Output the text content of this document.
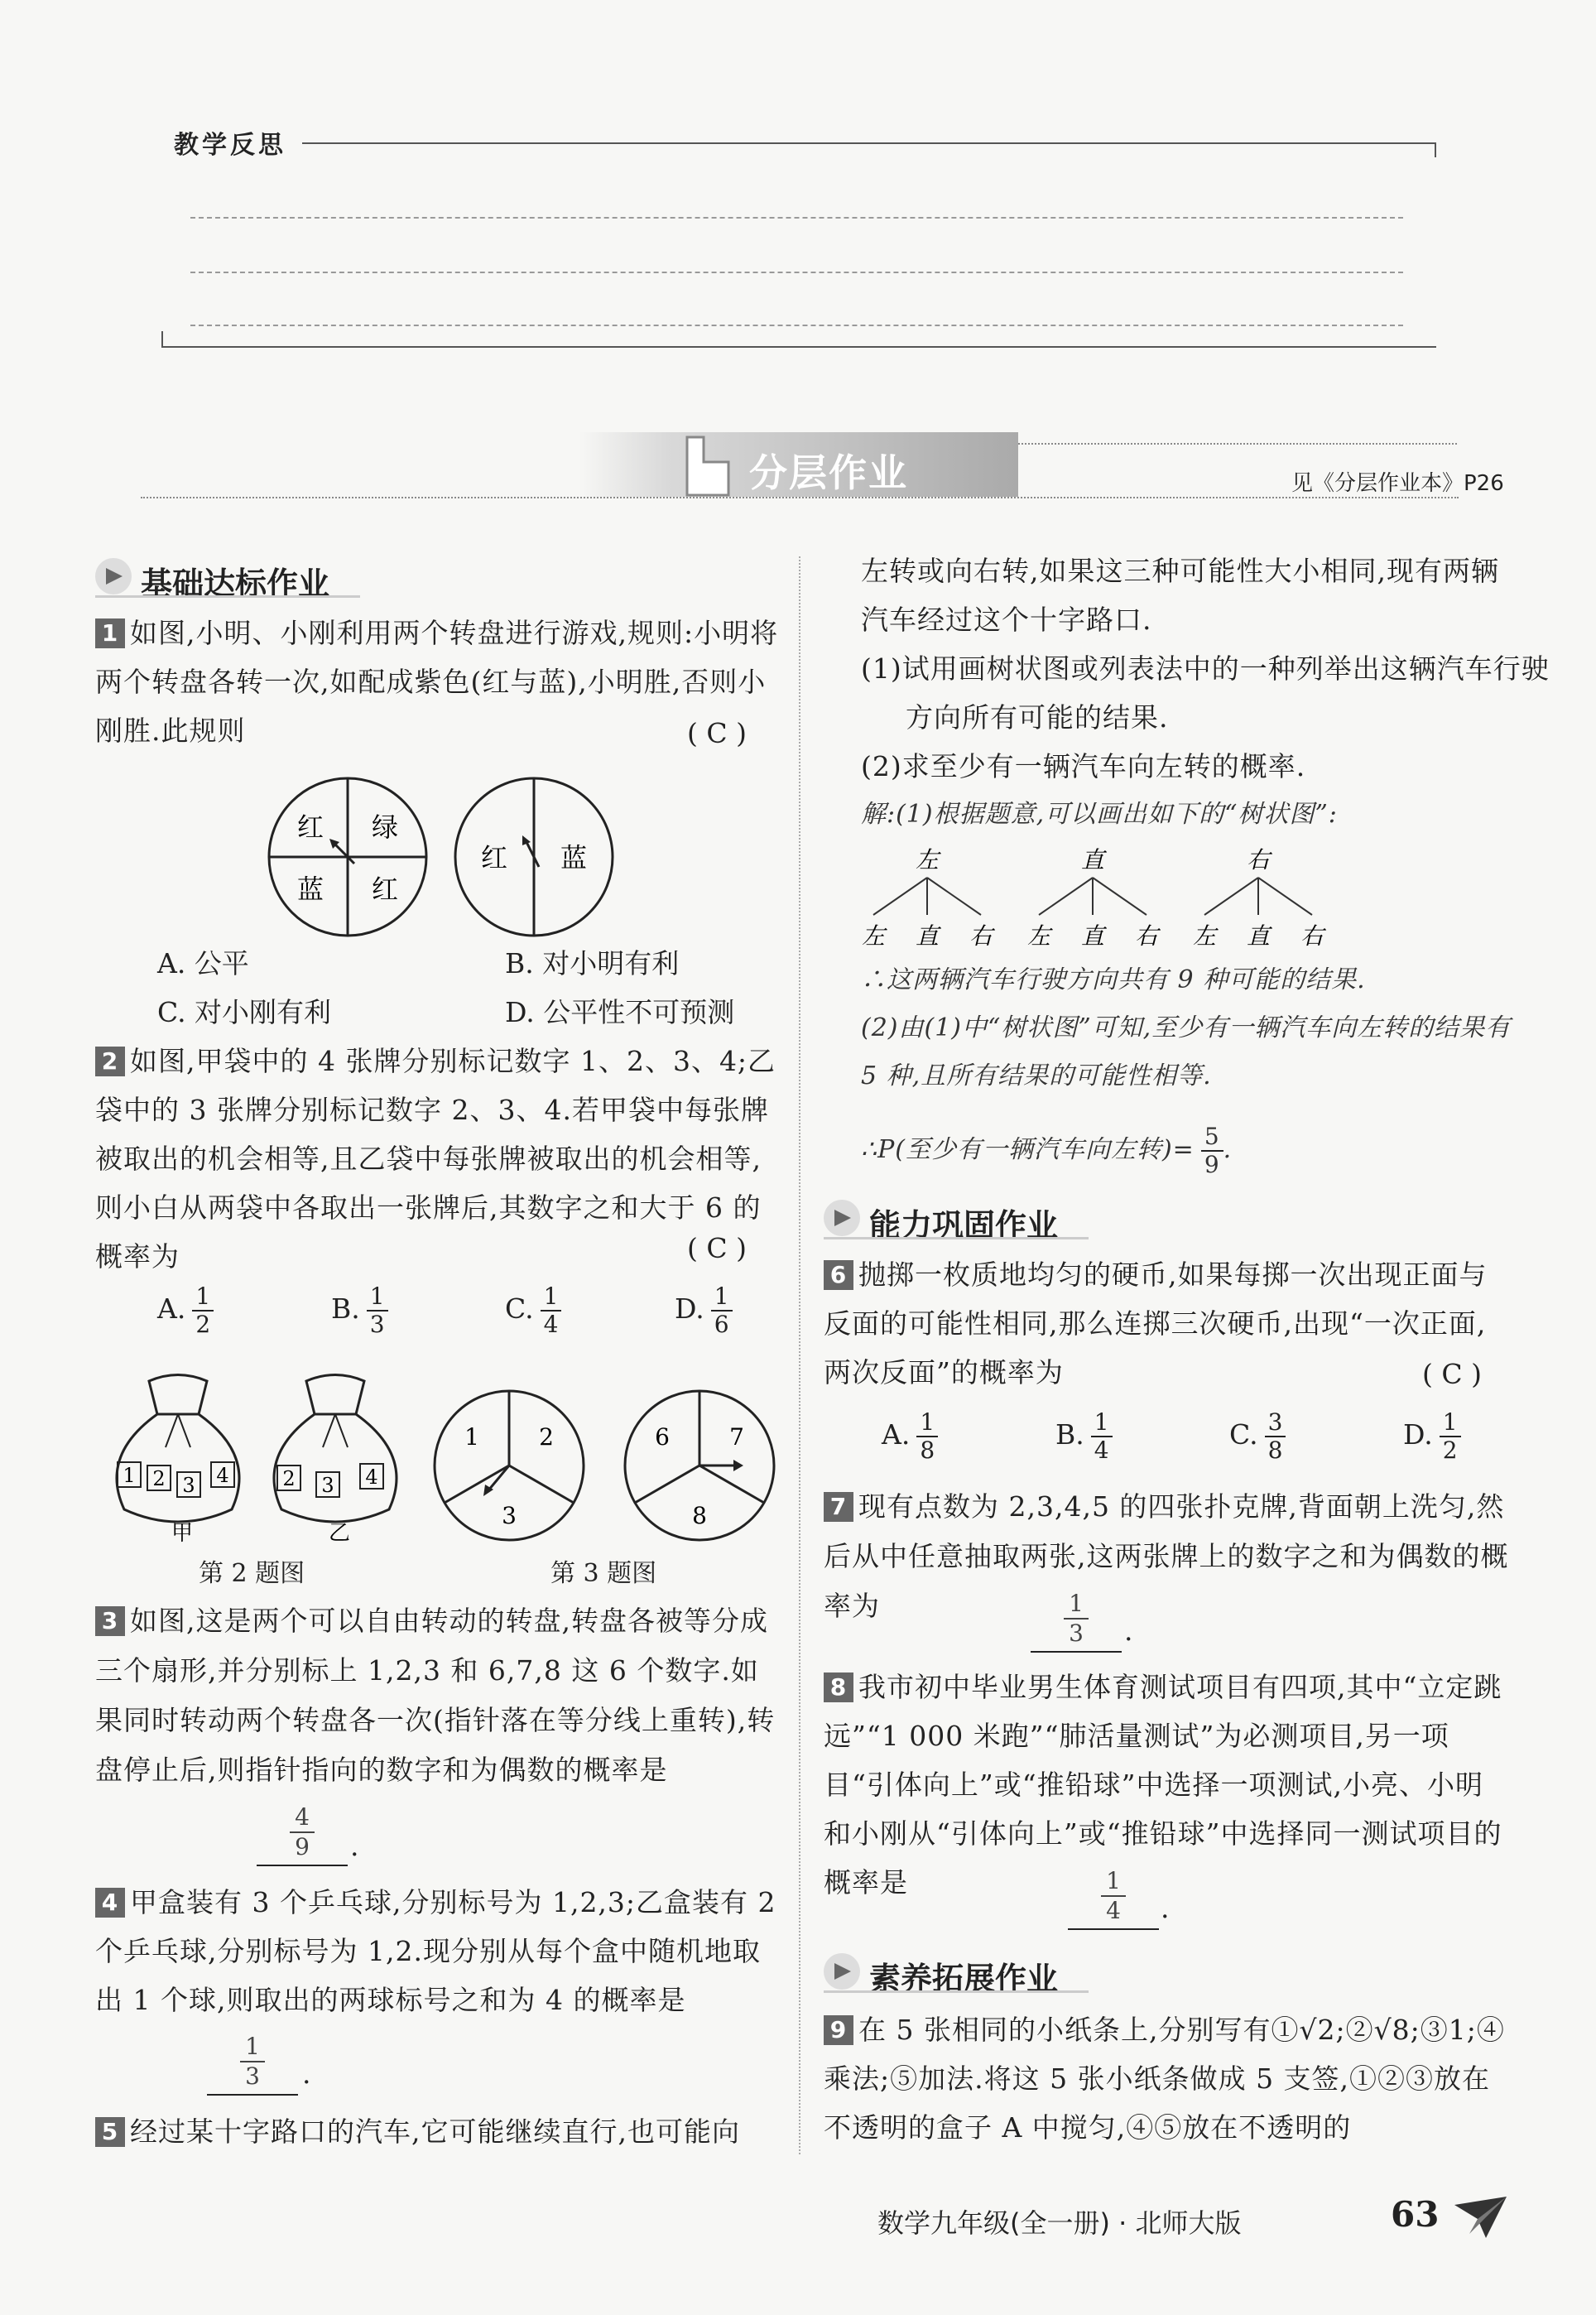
教学反思
分层作业	见《分层作业本》P26
基础达标作业
1 如图,小明、小刚利用两个转盘进行游戏,规则:小明将两个转盘各转一次,如配成紫色(红与蓝),小明胜,否则小刚胜.此规则	( C )
红 绿
蓝 红
红 蓝
A. 公平	B. 对小明有利
C. 对小刚有利	D. 公平性不可预测
2 如图,甲袋中的 4 张牌分别标记数字 1、2、3、4;乙袋中的 3 张牌分别标记数字 2、3、4.若甲袋中每张牌被取出的机会相等,且乙袋中每张牌被取出的机会相等,则小白从两袋中各取出一张牌后,其数字之和大于 6 的概率为	( C )
A. $\frac{1}{2}$	B. $\frac{1}{3}$	C. $\frac{1}{4}$	D. $\frac{1}{6}$
1 2 3 4
甲
2 3 4
乙
1	2
3
6	7
8
第 2 题图	第 3 题图
3 如图,这是两个可以自由转动的转盘,转盘各被等分成三个扇形,并分别标上 1,2,3 和 6,7,8 这 6 个数字.如果同时转动两个转盘各一次(指针落在等分线上重转),转盘停止后,则指针指向的数字和为偶数的概率是
4
9	.
4 甲盒装有 3 个乒乓球,分别标号为 1,2,3;乙盒装有 2 个乒乓球,分别标号为 1,2.现分别从每个盒中随机地取出 1 个球,则取出的两球标号之和为 4 的概率是
1
3	.
5 经过某十字路口的汽车,它可能继续直行,也可能向
左转或向右转,如果这三种可能性大小相同,现有两辆汽车经过这个十字路口.
(1)试用画树状图或列表法中的一种列举出这辆汽车行驶方向所有可能的结果.
(2)求至少有一辆汽车向左转的概率.
解:(1)根据题意,可以画出如下的“树状图”:
左	直	右
左 直 右 左 直 右 左 直 右
∴这两辆汽车行驶方向共有 9 种可能的结果.
(2)由(1)中“树状图”可知,至少有一辆汽车向左转的结果有 5 种,且所有结果的可能性相等.
∴P(至少有一辆汽车向左转)= $\frac{5}{9}$ .
能力巩固作业
6 抛掷一枚质地均匀的硬币,如果每掷一次出现正面与反面的可能性相同,那么连掷三次硬币,出现“一次正面,两次反面”的概率为	( C )
A. $\frac{1}{8}$	B. $\frac{1}{4}$	C. $\frac{3}{8}$	D. $\frac{1}{2}$
7 现有点数为 2,3,4,5 的四张扑克牌,背面朝上洗匀,然后从中任意抽取两张,这两张牌上的数字之和为偶数的概率为	1
3	.
8 我市初中毕业男生体育测试项目有四项,其中“立定跳远”“1 000 米跑”“肺活量测试”为必测项目,另一项目“引体向上”或“推铅球”中选择一项测试,小亮、小明和小刚从“引体向上”或“推铅球”中选择同一测试项目的概率是	1
4	.
素养拓展作业
9 在 5 张相同的小纸条上,分别写有①√2;②√8;③1;④乘法;⑤加法.将这 5 张小纸条做成 5 支签,①②③放在不透明的盒子 A 中搅匀,④⑤放在不透明的
数学九年级(全一册) · 北师大版	63
